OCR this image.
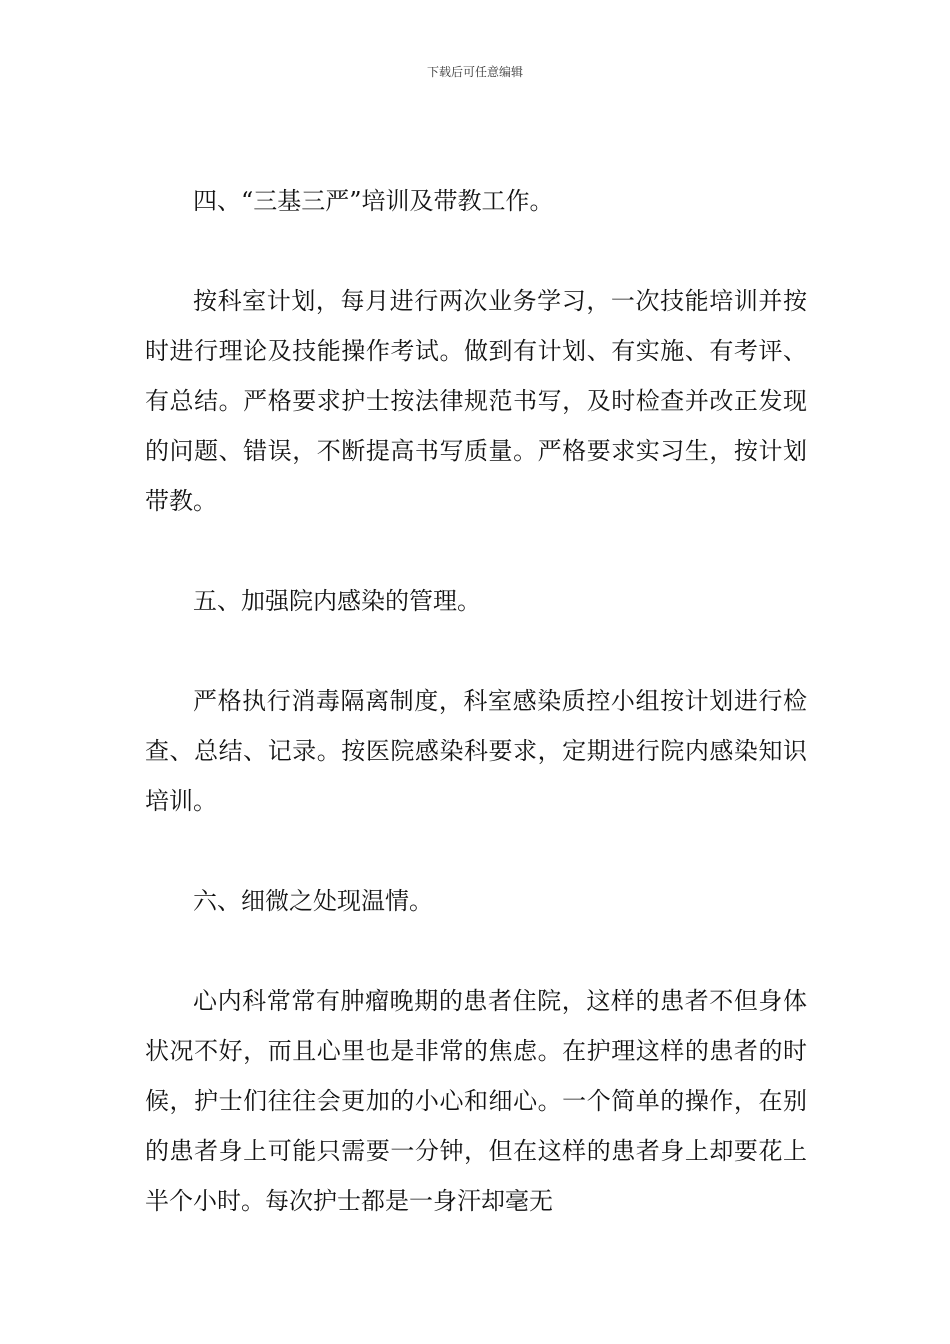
下载后可任意编辑

四、“三基三严”培训及带教工作。

按科室计划，每月进行两次业务学习，一次技能培训并按时进行理论及技能操作考试。做到有计划、有实施、有考评、有总结。严格要求护士按法律规范书写，及时检查并改正发现的问题、错误，不断提高书写质量。严格要求实习生，按计划带教。

五、加强院内感染的管理。

严格执行消毒隔离制度，科室感染质控小组按计划进行检查、总结、记录。按医院感染科要求，定期进行院内感染知识培训。

六、细微之处现温情。

心内科常常有肿瘤晚期的患者住院，这样的患者不但身体状况不好，而且心里也是非常的焦虑。在护理这样的患者的时候，护士们往往会更加的小心和细心。一个简单的操作，在别的患者身上可能只需要一分钟，但在这样的患者身上却要花上半个小时。每次护士都是一身汗却毫无
